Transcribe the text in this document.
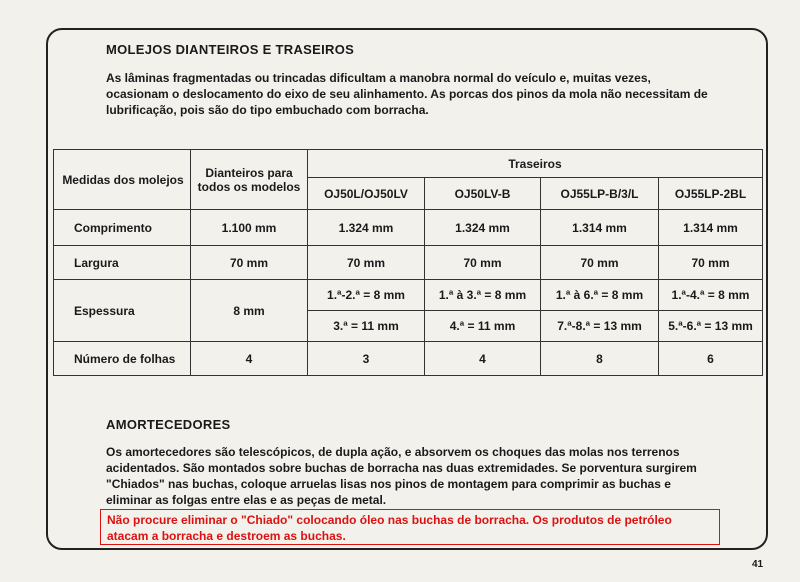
MOLEJOS DIANTEIROS E TRASEIROS
As lâminas fragmentadas ou trincadas dificultam a manobra normal do veículo e, muitas vezes, ocasionam o deslocamento do eixo de seu alinhamento. As porcas dos pinos da mola não necessitam de lubrificação, pois são do tipo embuchado com borracha.
Medidas dos molejos	Dianteiros para todos os modelos	Traseiros			
		OJ50L/OJ50LV	OJ50LV-B	OJ55LP-B/3/L	OJ55LP-2BL
Comprimento	1.100 mm	1.324 mm	1.324 mm	1.314 mm	1.314 mm
Largura	70 mm	70 mm	70 mm	70 mm	70 mm
Espessura	8 mm	1.ª-2.ª = 8 mm	1.ª à 3.ª = 8 mm	1.ª à 6.ª = 8 mm	1.ª-4.ª = 8 mm
		3.ª = 11 mm	4.ª = 11 mm	7.ª-8.ª = 13 mm	5.ª-6.ª = 13 mm
Número de folhas	4	3	4	8	6
AMORTECEDORES
Os amortecedores são telescópicos, de dupla ação, e absorvem os choques das molas nos terrenos acidentados. São montados sobre buchas de borracha nas duas extremidades. Se porventura surgirem "Chiados" nas buchas, coloque arruelas lisas nos pinos de montagem para comprimir as buchas e eliminar as folgas entre elas e as peças de metal.
Não procure eliminar o "Chiado" colocando óleo nas buchas de borracha. Os produtos de petróleo atacam a borracha e destroem as buchas.
41
